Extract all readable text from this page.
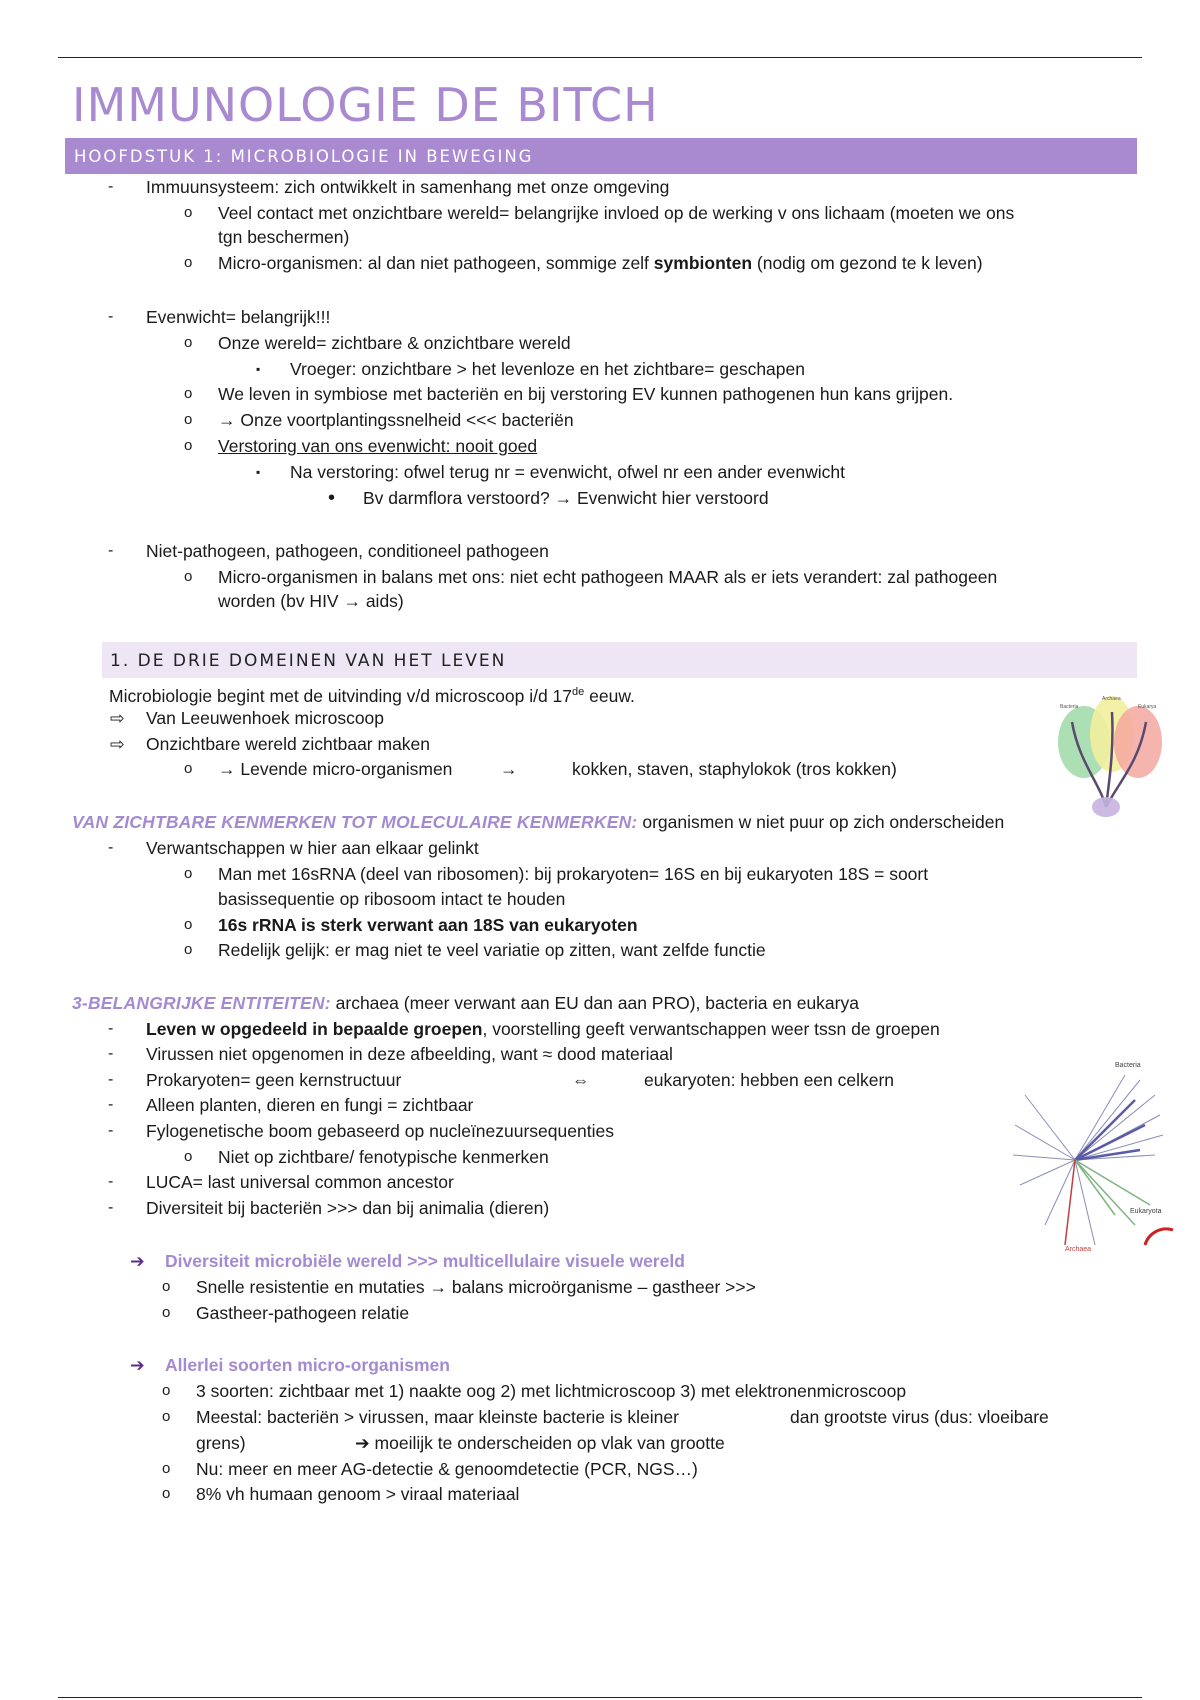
IMMUNOLOGIE DE BITCH
HOOFDSTUK 1: MICROBIOLOGIE IN BEWEGING
- Immuunsysteem: zich ontwikkelt in samenhang met onze omgeving
o Veel contact met onzichtbare wereld= belangrijke invloed op de werking v ons lichaam (moeten we ons
tgn beschermen)
o Micro-organismen: al dan niet pathogeen, sommige zelf symbionten (nodig om gezond te k leven)
- Evenwicht= belangrijk!!!
o Onze wereld= zichtbare & onzichtbare wereld
▪ Vroeger: onzichtbare > het levenloze en het zichtbare= geschapen
o We leven in symbiose met bacteriën en bij verstoring EV kunnen pathogenen hun kans grijpen.
o → Onze voortplantingssnelheid <<< bacteriën
o Verstoring van ons evenwicht: nooit goed
▪ Na verstoring: ofwel terug nr = evenwicht, ofwel nr een ander evenwicht
• Bv darmflora verstoord? → Evenwicht hier verstoord
- Niet-pathogeen, pathogeen, conditioneel pathogeen
o Micro-organismen in balans met ons: niet echt pathogeen MAAR als er iets verandert: zal pathogeen
worden (bv HIV → aids)
1. DE DRIE DOMEINEN VAN HET LEVEN
Microbiologie begint met de uitvinding v/d microscoop i/d 17de eeuw.
⇨ Van Leeuwenhoek microscoop
⇨ Onzichtbare wereld zichtbaar maken
o → Levende micro-organismen	→	kokken, staven, staphylokok (tros kokken)
Bacteria
Archaea
Eukarya
VAN ZICHTBARE KENMERKEN TOT MOLECULAIRE KENMERKEN: organismen w niet puur op zich onderscheiden
- Verwantschappen w hier aan elkaar gelinkt
o Man met 16sRNA (deel van ribosomen): bij prokaryoten= 16S en bij eukaryoten 18S = soort
basissequentie op ribosoom intact te houden
o 16s rRNA is sterk verwant aan 18S van eukaryoten
o Redelijk gelijk: er mag niet te veel variatie op zitten, want zelfde functie
3-BELANGRIJKE ENTITEITEN: archaea (meer verwant aan EU dan aan PRO), bacteria en eukarya
- Leven w opgedeeld in bepaalde groepen, voorstelling geeft verwantschappen weer tssn de groepen
- Virussen niet opgenomen in deze afbeelding, want ≈ dood materiaal
- Prokaryoten= geen kernstructuur	⇔	eukaryoten: hebben een celkern
- Alleen planten, dieren en fungi = zichtbaar
- Fylogenetische boom gebaseerd op nucleïnezuursequenties
o Niet op zichtbare/ fenotypische kenmerken
- LUCA= last universal common ancestor
- Diversiteit bij bacteriën >>> dan bij animalia (dieren)
Bacteria
Archaea
Eukaryota
➔ Diversiteit microbiële wereld >>> multicellulaire visuele wereld
o Snelle resistentie en mutaties → balans microörganisme – gastheer >>>
o Gastheer-pathogeen relatie
➔ Allerlei soorten micro-organismen
o 3 soorten: zichtbaar met 1) naakte oog 2) met lichtmicroscoop 3) met elektronenmicroscoop
o Meestal: bacteriën > virussen, maar kleinste bacterie is kleiner	dan grootste virus (dus: vloeibare
grens)	➔ moeilijk te onderscheiden op vlak van grootte
o Nu: meer en meer AG-detectie & genoomdetectie (PCR, NGS…)
o 8% vh humaan genoom > viraal materiaal
